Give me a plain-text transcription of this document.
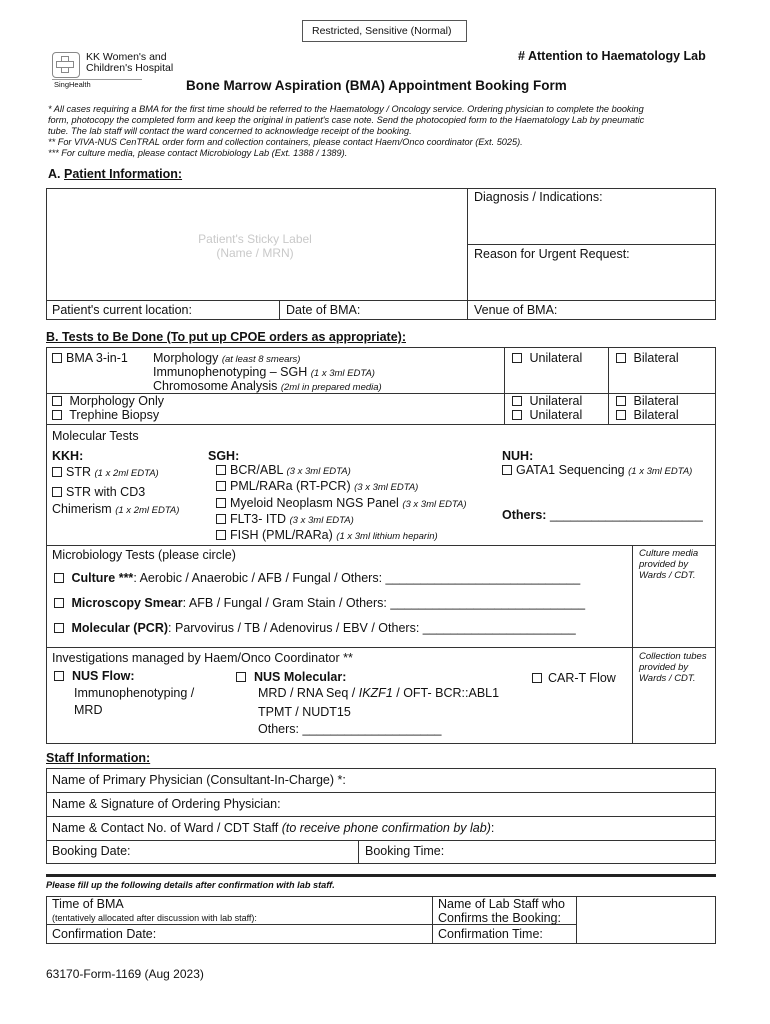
Restricted, Sensitive (Normal)
KK Women's and
Children's Hospital
SingHealth
# Attention to Haematology Lab
Bone Marrow Aspiration (BMA) Appointment Booking Form
* All cases requiring a BMA for the first time should be referred to the Haematology / Oncology service. Ordering physician to complete the booking
form, photocopy the completed form and keep the original in patient's case note. Send the photocopied form to the Haematology Lab by pneumatic
tube. The lab staff will contact the ward concerned to acknowledge receipt of the booking.
** For VIVA-NUS CenTRAL order form and collection containers, please contact Haem/Onco coordinator (Ext. 5025).
*** For culture media, please contact Microbiology Lab (Ext. 1388 / 1389).
A. Patient Information:
Patient's Sticky Label
(Name / MRN)
Diagnosis / Indications:
Reason for Urgent Request:
Patient's current location:	Date of BMA:	Venue of BMA:
B. Tests to Be Done (To put up CPOE orders as appropriate):
BMA 3-in-1 Morphology (at least 8 smears)
Immunophenotyping – SGH (1 x 3ml EDTA)
Chromosome Analysis (2ml in prepared media)
Unilateral	Bilateral
Morphology Only	Unilateral	Bilateral
Trephine Biopsy	Unilateral	Bilateral
Molecular Tests
KKH:
STR (1 x 2ml EDTA)
STR with CD3
Chimerism (1 x 2ml EDTA)
SGH:
BCR/ABL (3 x 3ml EDTA)
PML/RARa (RT-PCR) (3 x 3ml EDTA)
Myeloid Neoplasm NGS Panel (3 x 3ml EDTA)
FLT3- ITD (3 x 3ml EDTA)
FISH (PML/RARa) (1 x 3ml lithium heparin)
NUH:
GATA1 Sequencing (1 x 3ml EDTA)
Others: ______________________
Microbiology Tests (please circle)
Culture ***: Aerobic / Anaerobic / AFB / Fungal / Others: ____________________________
Microscopy Smear: AFB / Fungal / Gram Stain / Others: ____________________________
Molecular (PCR): Parvovirus / TB / Adenovirus / EBV / Others: ______________________
Culture media provided by Wards / CDT.
Investigations managed by Haem/Onco Coordinator **
NUS Flow:
Immunophenotyping /
MRD
NUS Molecular:
MRD / RNA Seq / IKZF1 / OFT- BCR::ABL1
TPMT / NUDT15
Others: ____________________
CAR-T Flow
Collection tubes provided by Wards / CDT.
Staff Information:
Name of Primary Physician (Consultant-In-Charge) *:
Name & Signature of Ordering Physician:
Name & Contact No. of Ward / CDT Staff (to receive phone confirmation by lab):
Booking Date:	Booking Time:
Please fill up the following details after confirmation with lab staff.
Time of BMA
(tentatively allocated after discussion with lab staff):
Name of Lab Staff who
Confirms the Booking:
Confirmation Date:	Confirmation Time:
63170-Form-1169 (Aug 2023)
